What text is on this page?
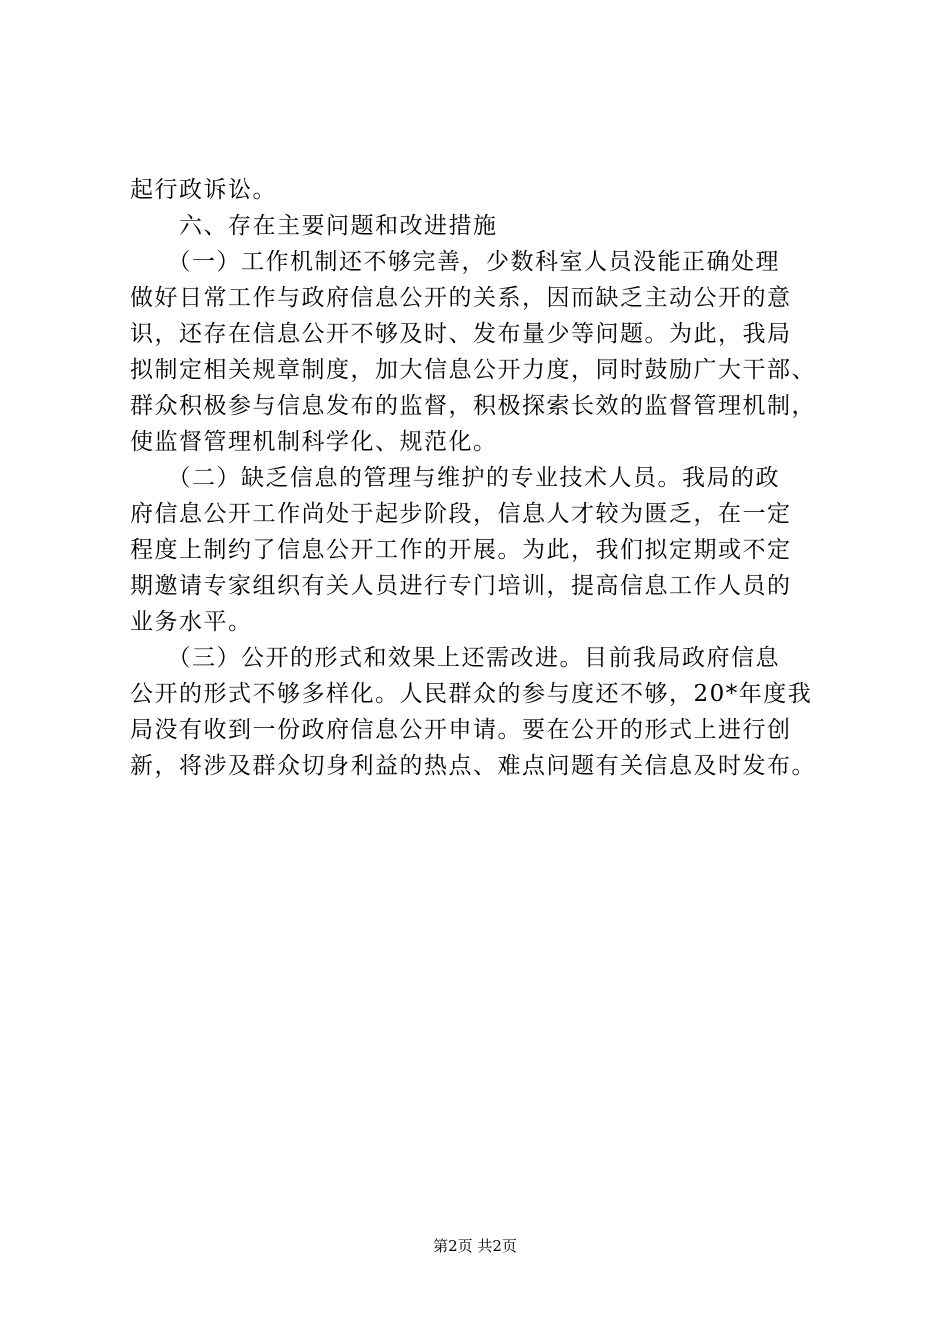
起行政诉讼。
　　六、存在主要问题和改进措施
　　（一）工作机制还不够完善，少数科室人员没能正确处理
做好日常工作与政府信息公开的关系，因而缺乏主动公开的意
识，还存在信息公开不够及时、发布量少等问题。为此，我局
拟制定相关规章制度，加大信息公开力度，同时鼓励广大干部、
群众积极参与信息发布的监督，积极探索长效的监督管理机制，
使监督管理机制科学化、规范化。
　　（二）缺乏信息的管理与维护的专业技术人员。我局的政
府信息公开工作尚处于起步阶段，信息人才较为匮乏，在一定
程度上制约了信息公开工作的开展。为此，我们拟定期或不定
期邀请专家组织有关人员进行专门培训，提高信息工作人员的
业务水平。
　　（三）公开的形式和效果上还需改进。目前我局政府信息
公开的形式不够多样化。人民群众的参与度还不够，20*年度我
局没有收到一份政府信息公开申请。要在公开的形式上进行创
新，将涉及群众切身利益的热点、难点问题有关信息及时发布。
第2页 共2页
